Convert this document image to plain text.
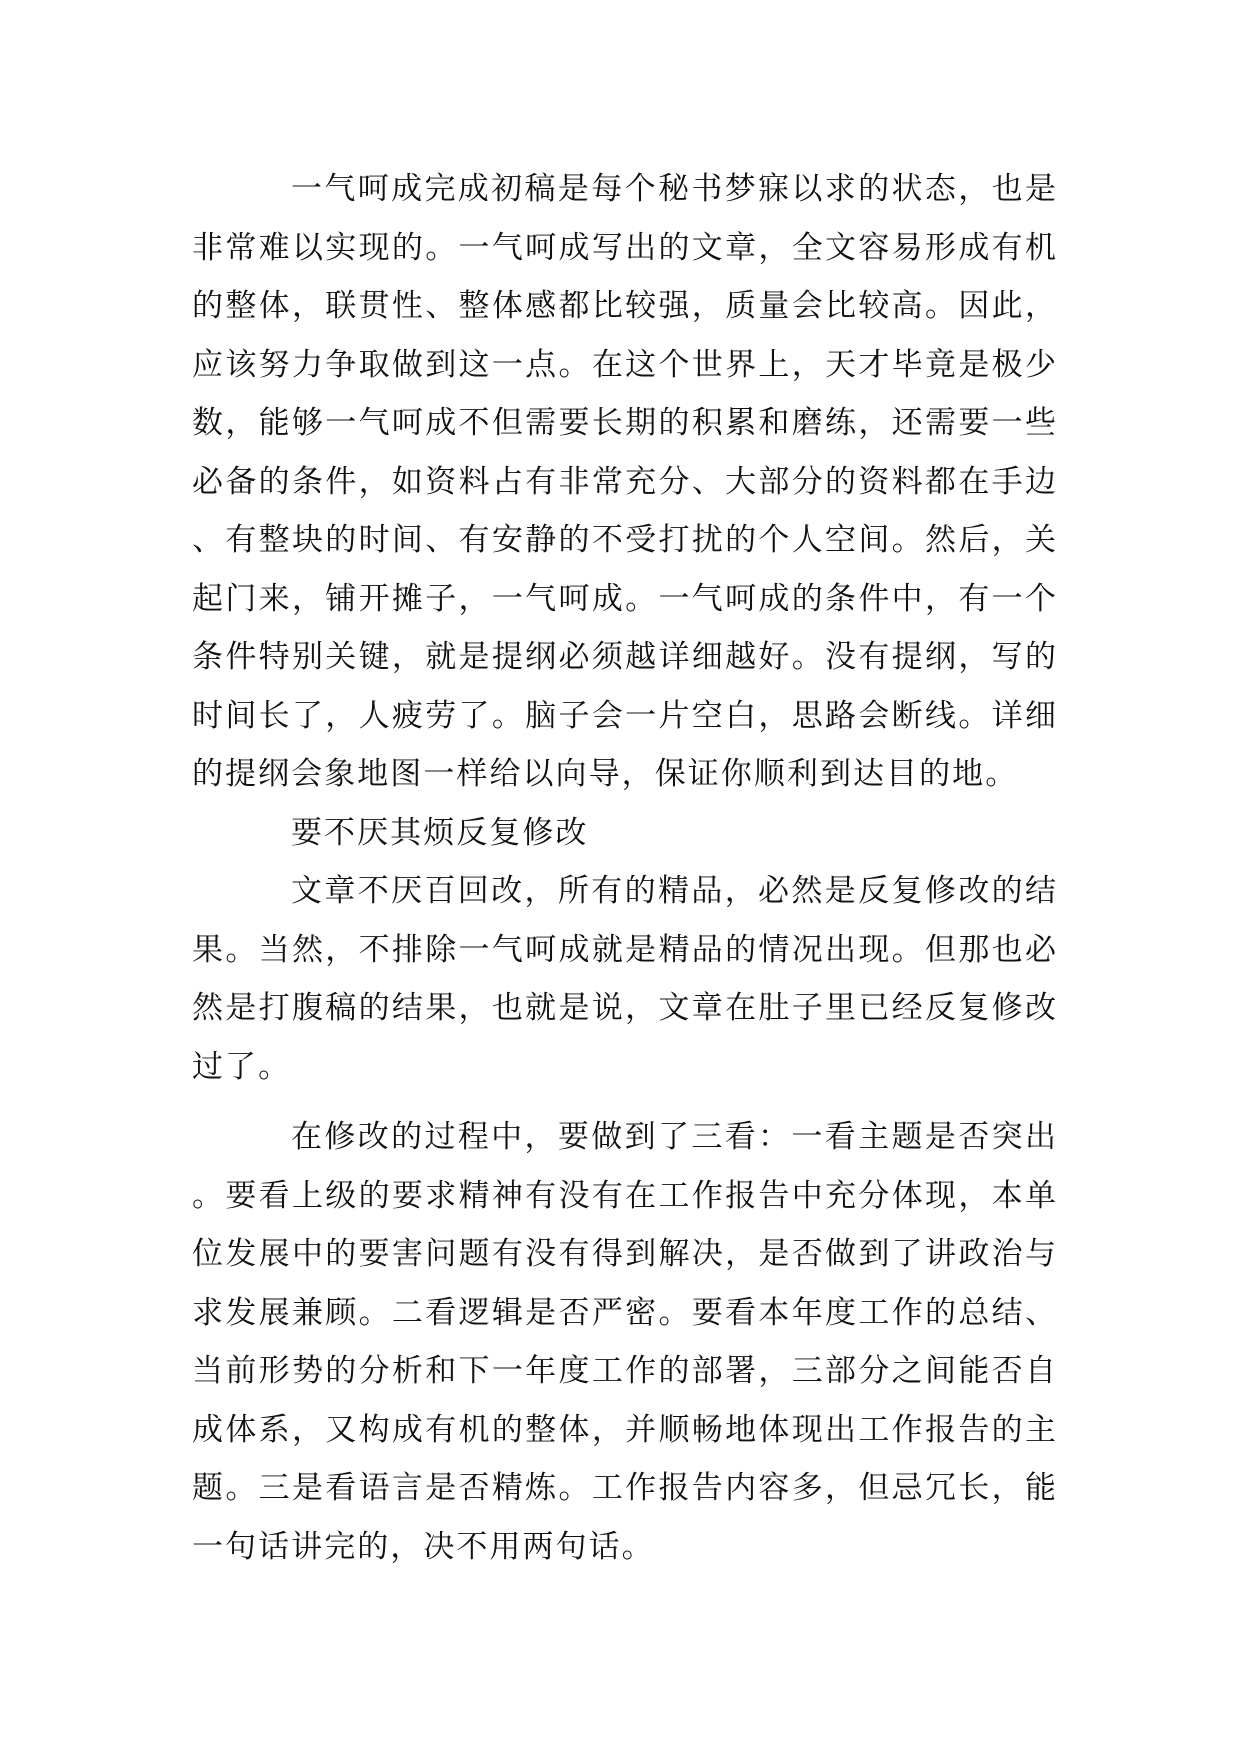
一气呵成完成初稿是每个秘书梦寐以求的状态，也是非常难以实现的。一气呵成写出的文章，全文容易形成有机的整体，联贯性、整体感都比较强，质量会比较高。因此，应该努力争取做到这一点。在这个世界上，天才毕竟是极少数，能够一气呵成不但需要长期的积累和磨练，还需要一些必备的条件，如资料占有非常充分、大部分的资料都在手边、有整块的时间、有安静的不受打扰的个人空间。然后，关起门来，铺开摊子，一气呵成。一气呵成的条件中，有一个条件特别关键，就是提纲必须越详细越好。没有提纲，写的时间长了，人疲劳了。脑子会一片空白，思路会断线。详细的提纲会象地图一样给以向导，保证你顺利到达目的地。

要不厌其烦反复修改

文章不厌百回改，所有的精品，必然是反复修改的结果。当然，不排除一气呵成就是精品的情况出现。但那也必然是打腹稿的结果，也就是说，文章在肚子里已经反复修改过了。

在修改的过程中，要做到了三看：一看主题是否突出。要看上级的要求精神有没有在工作报告中充分体现，本单位发展中的要害问题有没有得到解决，是否做到了讲政治与求发展兼顾。二看逻辑是否严密。要看本年度工作的总结、当前形势的分析和下一年度工作的部署，三部分之间能否自成体系，又构成有机的整体，并顺畅地体现出工作报告的主题。三是看语言是否精炼。工作报告内容多，但忌冗长，能一句话讲完的，决不用两句话。
